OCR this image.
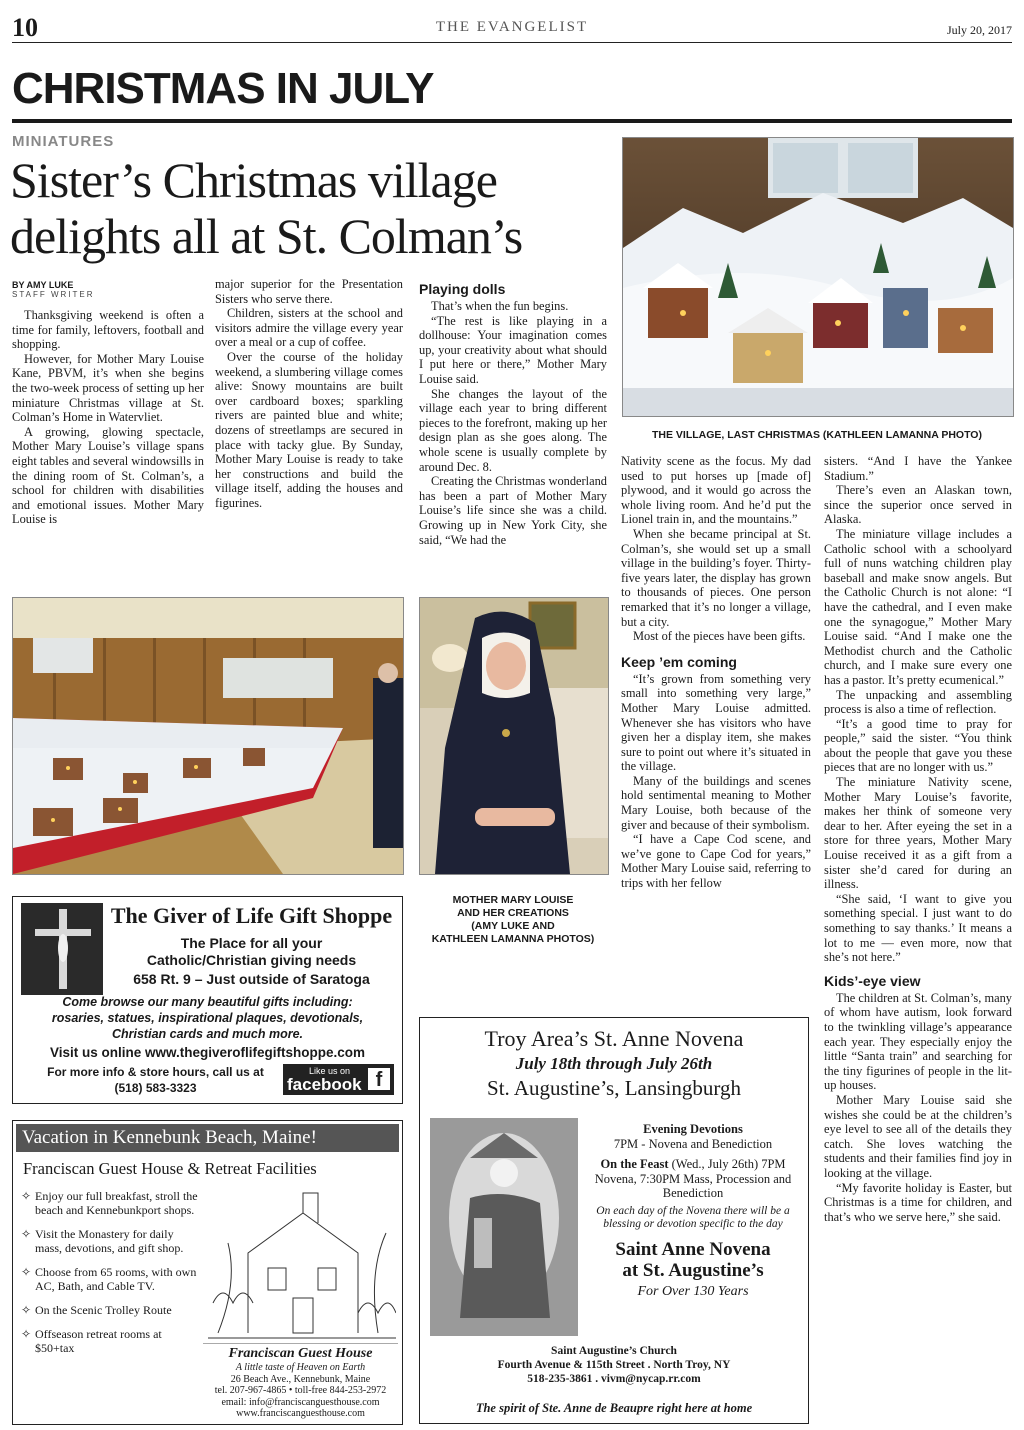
10	THE EVANGELIST	July 20, 2017
CHRISTMAS IN JULY
MINIATURES
Sister’s Christmas village
delights all at St. Colman’s
BY AMY LUKE
STAFF WRITER

Thanksgiving weekend is often a time for family, leftovers, football and shopping.

However, for Mother Mary Louise Kane, PBVM, it’s when she begins the two-week process of setting up her miniature Christmas village at St. Colman’s Home in Watervliet.

A growing, glowing spectacle, Mother Mary Louise’s village spans eight tables and several windowsills in the dining room of St. Colman’s, a school for children with disabilities and emotional issues. Mother Mary Louise is

major superior for the Presentation Sisters who serve there.

Children, sisters at the school and visitors admire the village every year over a meal or a cup of coffee.

Over the course of the holiday weekend, a slumbering village comes alive: Snowy mountains are built over cardboard boxes; sparkling rivers are painted blue and white; dozens of streetlamps are secured in place with tacky glue. By Sunday, Mother Mary Louise is ready to take her constructions and build the village itself, adding the houses and figurines.

Playing dolls

That’s when the fun begins.

“The rest is like playing in a dollhouse: Your imagination comes up, your creativity about what should I put here or there,” Mother Mary Louise said.

She changes the layout of the village each year to bring different pieces to the forefront, making up her design plan as she goes along. The whole scene is usually complete by around Dec. 8.

Creating the Christmas wonderland has been a part of Mother Mary Louise’s life since she was a child. Growing up in New York City, she said, “We had the

THE VILLAGE, LAST CHRISTMAS (KATHLEEN LAMANNA PHOTO)

Nativity scene as the focus. My dad used to put horses up [made of] plywood, and it would go across the whole living room. And he’d put the Lionel train in, and the mountains.”

When she became principal at St. Colman’s, she would set up a small village in the building’s foyer. Thirty-five years later, the display has grown to thousands of pieces. One person remarked that it’s no longer a village, but a city.

Most of the pieces have been gifts.

Keep ’em coming

“It’s grown from something very small into something very large,” Mother Mary Louise admitted. Whenever she has visitors who have given her a display item, she makes sure to point out where it’s situated in the village.

Many of the buildings and scenes hold sentimental meaning to Mother Mary Louise, both because of the giver and because of their symbolism.

“I have a Cape Cod scene, and we’ve gone to Cape Cod for years,” Mother Mary Louise said, referring to trips with her fellow

sisters. “And I have the Yankee Stadium.”

There’s even an Alaskan town, since the superior once served in Alaska.

The miniature village includes a Catholic school with a schoolyard full of nuns watching children play baseball and make snow angels. But the Catholic Church is not alone: “I have the cathedral, and I even make one the synagogue,” Mother Mary Louise said. “And I make one the Methodist church and the Catholic church, and I make sure every one has a pastor. It’s pretty ecumenical.”

The unpacking and assembling process is also a time of reflection.

“It’s a good time to pray for people,” said the sister. “You think about the people that gave you these pieces that are no longer with us.”

The miniature Nativity scene, Mother Mary Louise’s favorite, makes her think of someone very dear to her. After eyeing the set in a store for three years, Mother Mary Louise received it as a gift from a sister she’d cared for during an illness.

“She said, ‘I want to give you something special. I just want to do something to say thanks.’ It means a lot to me — even more, now that she’s not here.”

Kids’-eye view

The children at St. Colman’s, many of whom have autism, look forward to the twinkling village’s appearance each year. They especially enjoy the little “Santa train” and searching for the tiny figurines of people in the lit-up houses.

Mother Mary Louise said she wishes she could be at the children’s eye level to see all of the details they catch. She loves watching the students and their families find joy in looking at the village.

“My favorite holiday is Easter, but Christmas is a time for children, and that’s who we serve here,” she said.

MOTHER MARY LOUISE
AND HER CREATIONS
(AMY LUKE AND
KATHLEEN LAMANNA PHOTOS)
The Giver of Life Gift Shoppe
The Place for all your
Catholic/Christian giving needs
658 Rt. 9 – Just outside of Saratoga
Come browse our many beautiful gifts including:
rosaries, statues, inspirational plaques, devotionals,
Christian cards and much more.
Visit us online www.thegiveroflifegiftshoppe.com
For more info & store hours, call us at
(518) 583-3323
Like us on
facebook f
Vacation in Kennebunk Beach, Maine!
Franciscan Guest House & Retreat Facilities
✧ Enjoy our full breakfast, stroll the beach and Kennebunkport shops.
✧ Visit the Monastery for daily mass, devotions, and gift shop.
✧ Choose from 65 rooms, with own AC, Bath, and Cable TV.
✧ On the Scenic Trolley Route
✧ Offseason retreat rooms at $50+tax	Franciscan Guest House
A little taste of Heaven on Earth
26 Beach Ave., Kennebunk, Maine
tel. 207-967-4865 • toll-free 844-253-2972
email: info@franciscanguesthouse.com
www.franciscanguesthouse.com
Troy Area’s St. Anne Novena
July 18th through July 26th
St. Augustine’s, Lansingburgh
Evening Devotions
7PM - Novena and Benediction
On the Feast (Wed., July 26th) 7PM Novena, 7:30PM Mass, Procession and Benediction
On each day of the Novena there will be a blessing or devotion specific to the day
Saint Anne Novena
at St. Augustine’s
For Over 130 Years
Saint Augustine’s Church
Fourth Avenue & 115th Street . North Troy, NY
518-235-3861 . vivm@nycap.rr.com
The spirit of Ste. Anne de Beaupre right here at home
